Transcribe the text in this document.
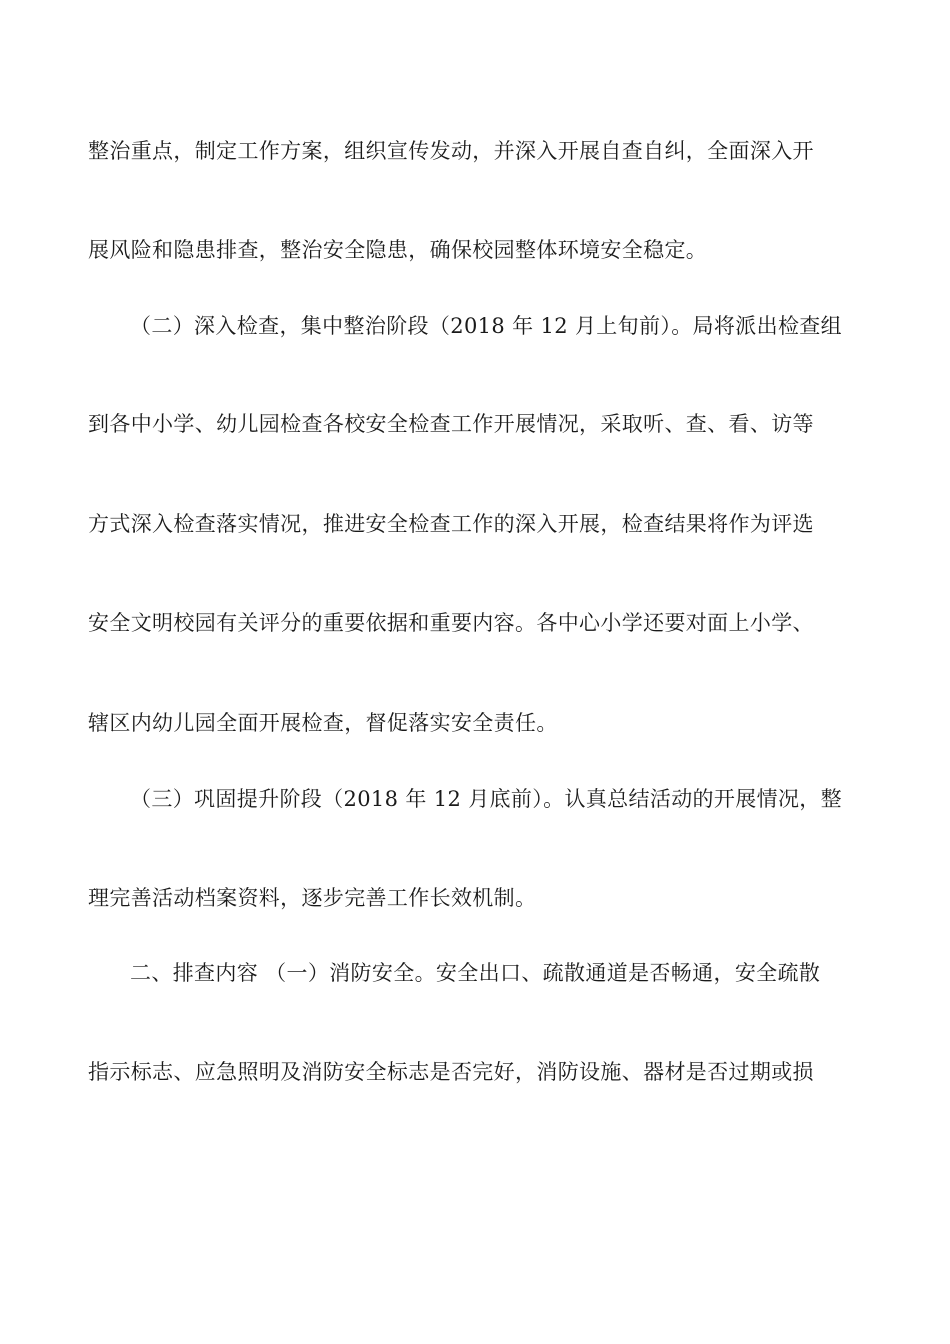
整治重点，制定工作方案，组织宣传发动，并深入开展自查自纠，全面深入开
展风险和隐患排查，整治安全隐患，确保校园整体环境安全稳定。
（二）深入检查，集中整治阶段（2018 年 12 月上旬前）。局将派出检查组
到各中小学、幼儿园检查各校安全检查工作开展情况，采取听、查、看、访等
方式深入检查落实情况，推进安全检查工作的深入开展，检查结果将作为评选
安全文明校园有关评分的重要依据和重要内容。各中心小学还要对面上小学、
辖区内幼儿园全面开展检查，督促落实安全责任。
（三）巩固提升阶段（2018 年 12 月底前）。认真总结活动的开展情况，整
理完善活动档案资料，逐步完善工作长效机制。
二、排查内容 （一）消防安全。安全出口、疏散通道是否畅通，安全疏散
指示标志、应急照明及消防安全标志是否完好，消防设施、器材是否过期或损
